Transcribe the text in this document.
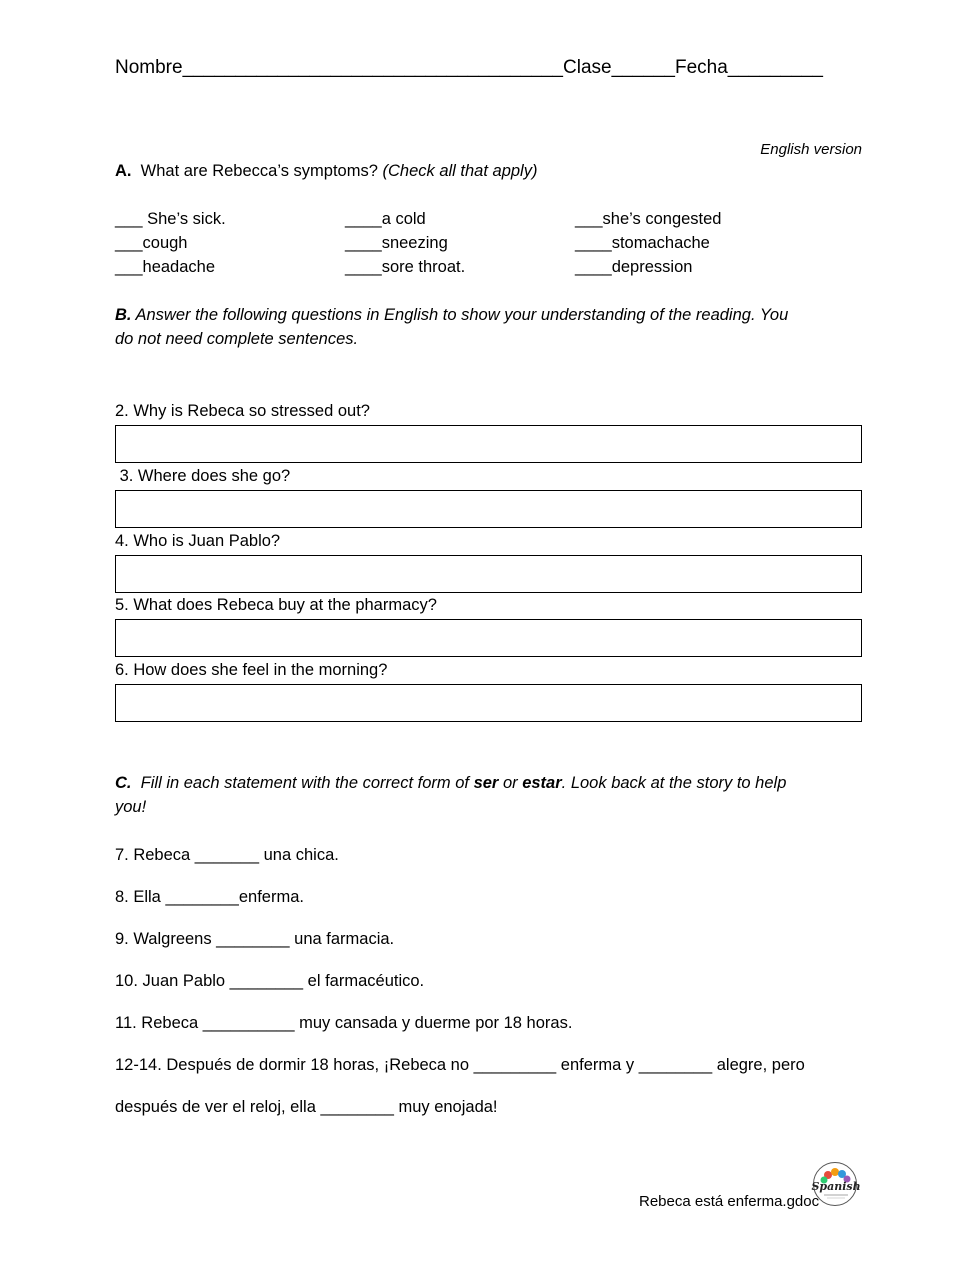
Nombre____________________________________Clase______Fecha_________
English version
A. What are Rebecca’s symptoms? (Check all that apply)
___ She’s sick.	____a cold	___she’s congested
___cough	____sneezing	____stomachache
___headache	____sore throat.	____depression
B. Answer the following questions in English to show your understanding of the reading. You
do not need complete sentences.
2. Why is Rebeca so stressed out?
3. Where does she go?
4. Who is Juan Pablo?
5. What does Rebeca buy at the pharmacy?
6. How does she feel in the morning?
C. Fill in each statement with the correct form of ser or estar. Look back at the story to help
you!
7. Rebeca _______ una chica.
8. Ella ________enferma.
9. Walgreens ________ una farmacia.
10. Juan Pablo ________ el farmacéutico.
11. Rebeca __________ muy cansada y duerme por 18 horas.
12-14. Después de dormir 18 horas, ¡Rebeca no _________ enferma y ________ alegre, pero
después de ver el reloj, ella ________ muy enojada!
Rebeca está enferma.gdoc
Spanish
